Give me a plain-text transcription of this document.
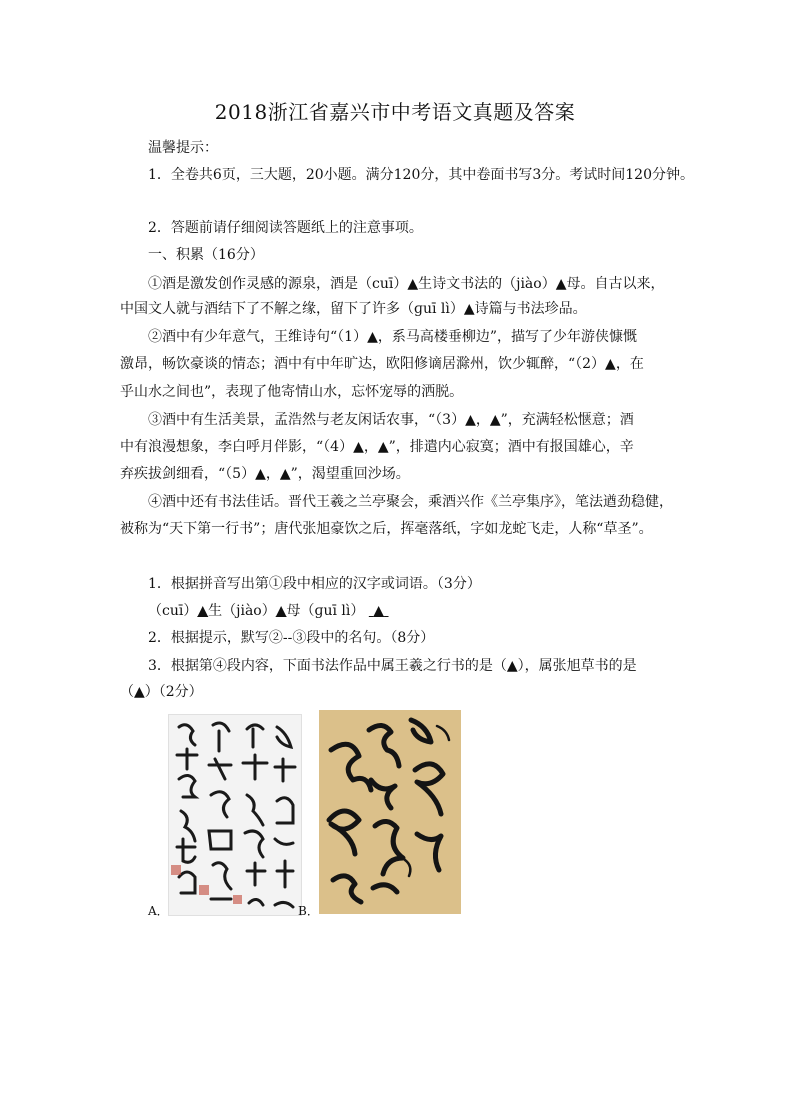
2018浙江省嘉兴市中考语文真题及答案
温馨提示：
1．全卷共6页，三大题，20小题。满分120分，其中卷面书写3分。考试时间120分钟。
2．答题前请仔细阅读答题纸上的注意事项。
一、积累（16分）
①酒是激发创作灵感的源泉，酒是（cuī）▲生诗文书法的（jiào）▲母。自古以来，
中国文人就与酒结下了不解之缘，留下了许多（ɡuī lì）▲诗篇与书法珍品。
②酒中有少年意气，王维诗句“（1）▲，系马高楼垂柳边”，描写了少年游侠慷慨
激昂，畅饮豪谈的情态；酒中有中年旷达，欧阳修谪居滁州，饮少辄醉，“（2）▲，在
乎山水之间也”，表现了他寄情山水，忘怀宠辱的洒脱。
③酒中有生活美景，孟浩然与老友闲话农事，“（3）▲，▲”，充满轻松惬意；酒
中有浪漫想象，李白呼月伴影，“（4）▲，▲”，排遣内心寂寞；酒中有报国雄心，辛
弃疾拔剑细看，“（5）▲，▲”，渴望重回沙场。
④酒中还有书法佳话。晋代王羲之兰亭聚会，乘酒兴作《兰亭集序》，笔法遒劲稳健，
被称为“天下第一行书”；唐代张旭豪饮之后，挥毫落纸，字如龙蛇飞走，人称“草圣”。
1．根据拼音写出第①段中相应的汉字或词语。（3分）
（cuī）▲生（jiào）▲母（ɡuī lì） ▲
2．根据提示，默写②--③段中的名句。（8分）
3．根据第④段内容，下面书法作品中属王羲之行书的是（▲），属张旭草书的是
（▲）（2分）
A．	B．
